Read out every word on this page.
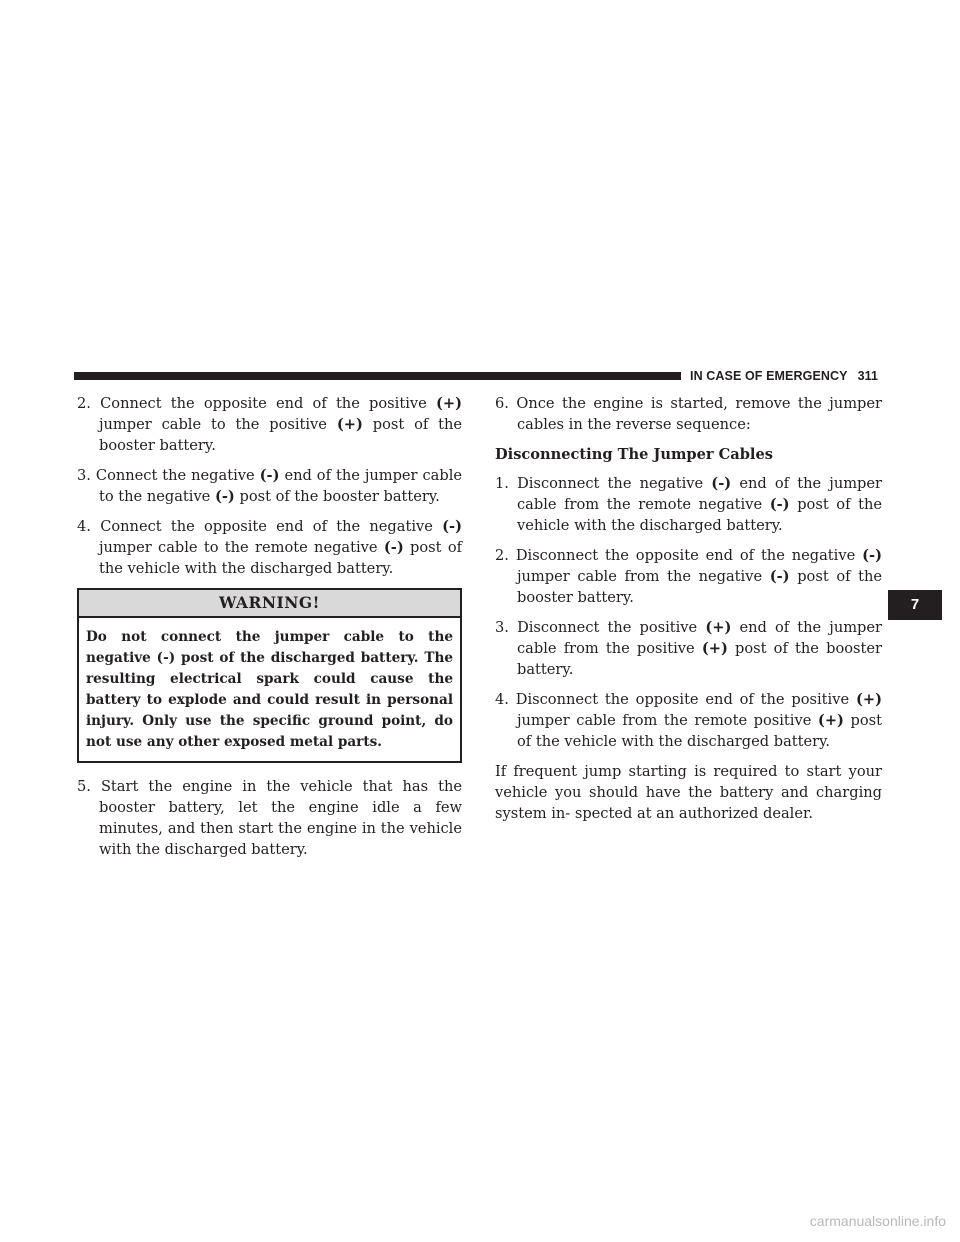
IN CASE OF EMERGENCY 311

2. Connect the opposite end of the positive (+) jumper cable to the positive (+) post of the booster battery.

3. Connect the negative (-) end of the jumper cable to the negative (-) post of the booster battery.

4. Connect the opposite end of the negative (-) jumper cable to the remote negative (-) post of the vehicle with the discharged battery.

WARNING!
Do not connect the jumper cable to the negative (-) post of the discharged battery. The resulting electrical spark could cause the battery to explode and could result in personal injury. Only use the specific ground point, do not use any other exposed metal parts.

5. Start the engine in the vehicle that has the booster battery, let the engine idle a few minutes, and then start the engine in the vehicle with the discharged battery.

6. Once the engine is started, remove the jumper cables in the reverse sequence:

Disconnecting The Jumper Cables

1. Disconnect the negative (-) end of the jumper cable from the remote negative (-) post of the vehicle with the discharged battery.

2. Disconnect the opposite end of the negative (-) jumper cable from the negative (-) post of the booster battery.

3. Disconnect the positive (+) end of the jumper cable from the positive (+) post of the booster battery.

4. Disconnect the opposite end of the positive (+) jumper cable from the remote positive (+) post of the vehicle with the discharged battery.

If frequent jump starting is required to start your vehicle you should have the battery and charging system in- spected at an authorized dealer.

7
carmanualsonline.info
